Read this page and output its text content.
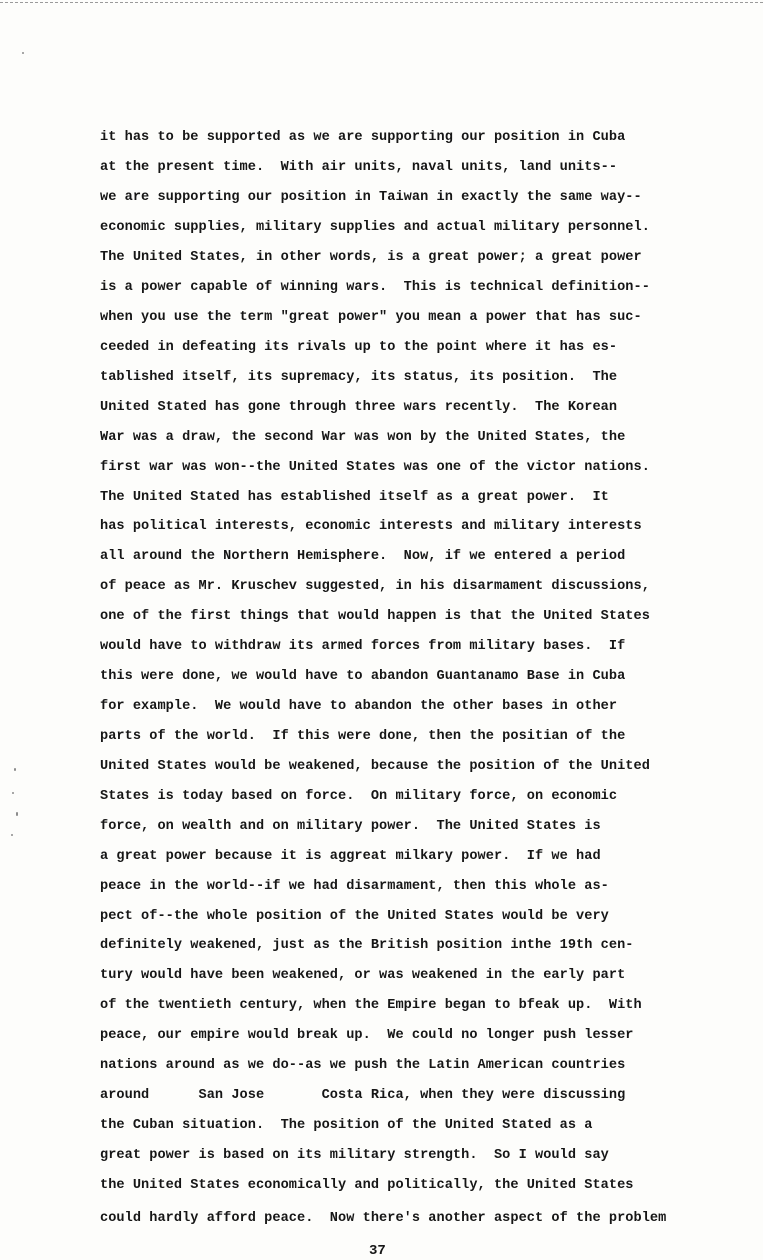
it has to be supported as we are supporting our position in Cuba

at the present time.  With air units, naval units, land units--

we are supporting our position in Taiwan in exactly the same way--

economic supplies, military supplies and actual military personnel.

The United States, in other words, is a great power; a great power

is a power capable of winning wars.  This is technical definition--

when you use the term "great power" you mean a power that has suc-

ceeded in defeating its rivals up to the point where it has es-

tablished itself, its supremacy, its status, its position.  The

United Stated has gone through three wars recently.  The Korean

War was a draw, the second War was won by the United States, the

first war was won--the United States was one of the victor nations.

The United Stated has established itself as a great power.  It

has political interests, economic interests and military interests

all around the Northern Hemisphere.  Now, if we entered a period

of peace as Mr. Kruschev suggested, in his disarmament discussions,

one of the first things that would happen is that the United States

would have to withdraw its armed forces from military bases.  If

this were done, we would have to abandon Guantanamo Base in Cuba

for example.  We would have to abandon the other bases in other

parts of the world.  If this were done, then the positian of the

United States would be weakened, because the position of the United

States is today based on force.  On military force, on economic

force, on wealth and on military power.  The United States is

a great power because it is aggreat milkary power.  If we had

peace in the world--if we had disarmament, then this whole as-

pect of--the whole position of the United States would be very

definitely weakened, just as the British position inthe 19th cen-

tury would have been weakened, or was weakened in the early part

of the twentieth century, when the Empire began to bfeak up.  With

peace, our empire would break up.  We could no longer push lesser

nations around as we do--as we push the Latin American countries

around      San Jose       Costa Rica, when they were discussing

the Cuban situation.  The position of the United Stated as a

great power is based on its military strength.  So I would say

the United States economically and politically, the United States

could hardly afford peace.  Now there's another aspect of the problem

37
